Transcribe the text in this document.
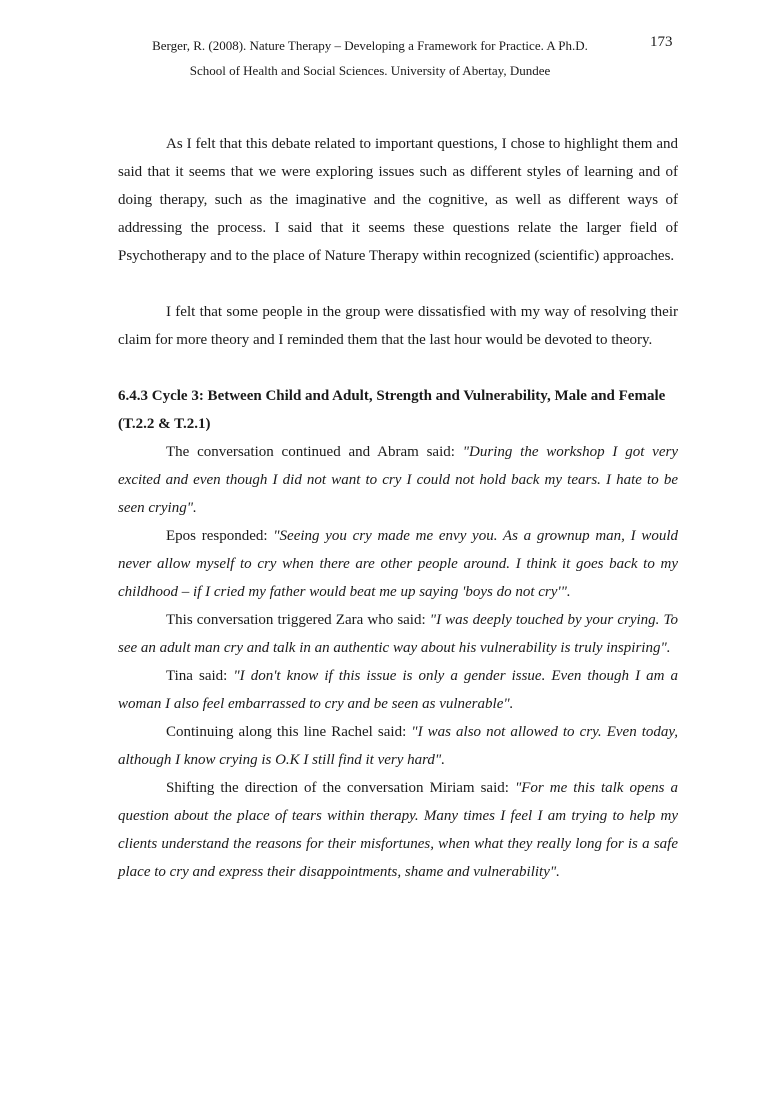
Berger, R. (2008). Nature Therapy – Developing a Framework for Practice. A Ph.D.
School of Health and Social Sciences. University of Abertay, Dundee
173

As I felt that this debate related to important questions, I chose to highlight them and said that it seems that we were exploring issues such as different styles of learning and of doing therapy, such as the imaginative and the cognitive, as well as different ways of addressing the process. I said that it seems these questions relate the larger field of Psychotherapy and to the place of Nature Therapy within recognized (scientific) approaches.

I felt that some people in the group were dissatisfied with my way of resolving their claim for more theory and I reminded them that the last hour would be devoted to theory.

6.4.3 Cycle 3: Between Child and Adult, Strength and Vulnerability, Male and Female (T.2.2 & T.2.1)

The conversation continued and Abram said: "During the workshop I got very excited and even though I did not want to cry I could not hold back my tears. I hate to be seen crying".

Epos responded: "Seeing you cry made me envy you. As a grownup man, I would never allow myself to cry when there are other people around. I think it goes back to my childhood – if I cried my father would beat me up saying 'boys do not cry'".

This conversation triggered Zara who said: "I was deeply touched by your crying. To see an adult man cry and talk in an authentic way about his vulnerability is truly inspiring".

Tina said: "I don't know if this issue is only a gender issue. Even though I am a woman I also feel embarrassed to cry and be seen as vulnerable".

Continuing along this line Rachel said: "I was also not allowed to cry. Even today, although I know crying is O.K I still find it very hard".

Shifting the direction of the conversation Miriam said: "For me this talk opens a question about the place of tears within therapy. Many times I feel I am trying to help my clients understand the reasons for their misfortunes, when what they really long for is a safe place to cry and express their disappointments, shame and vulnerability".
